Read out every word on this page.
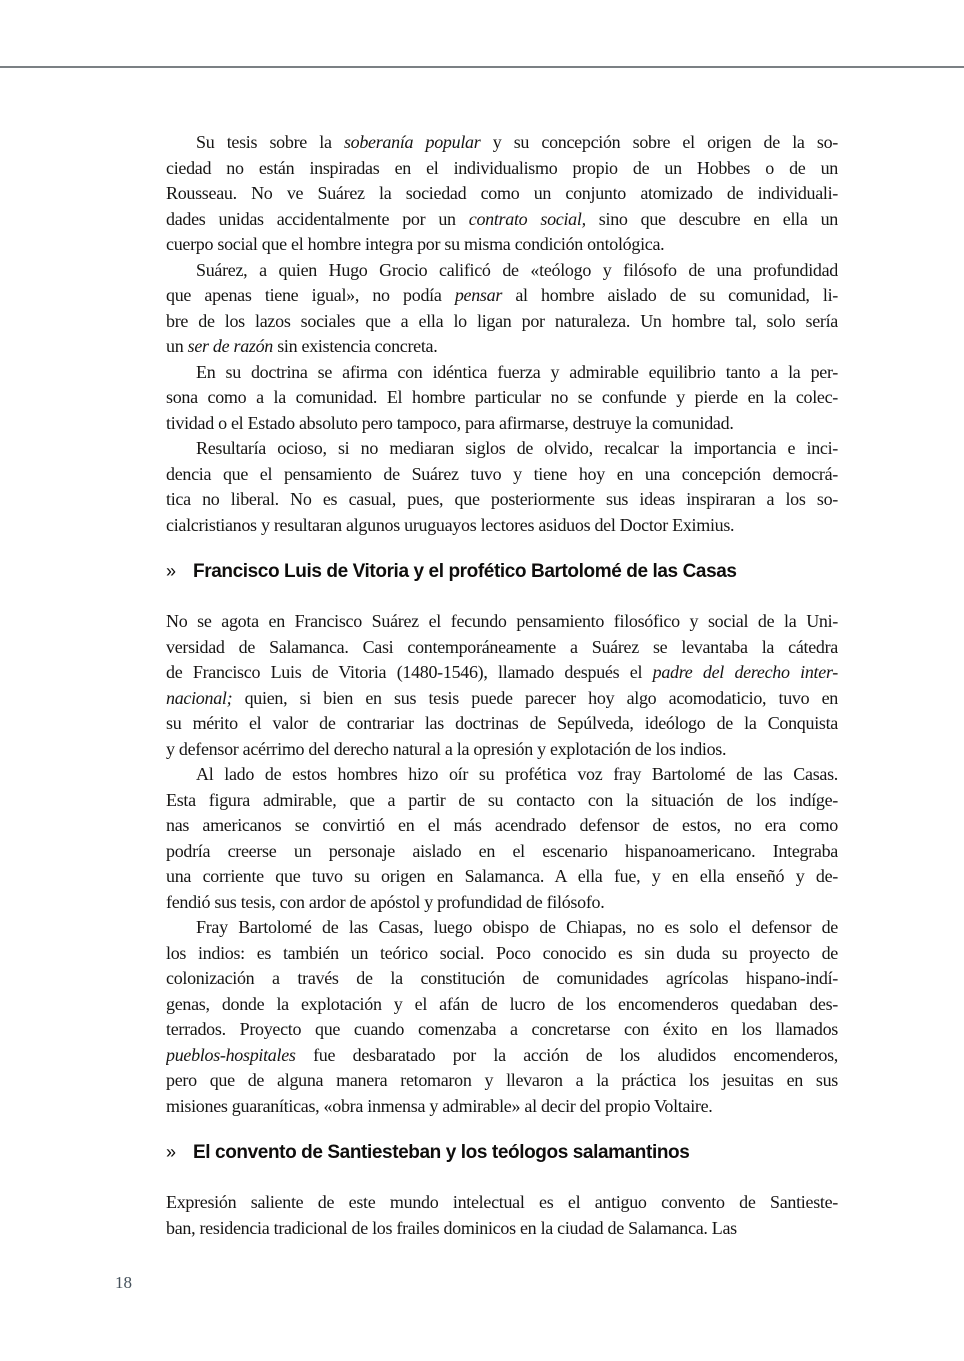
Su tesis sobre la soberanía popular y su concepción sobre el origen de la so-
ciedad no están inspiradas en el individualismo propio de un Hobbes o de un
Rousseau. No ve Suárez la sociedad como un conjunto atomizado de individuali-
dades unidas accidentalmente por un contrato social, sino que descubre en ella un
cuerpo social que el hombre integra por su misma condición ontológica.
Suárez, a quien Hugo Grocio calificó de «teólogo y filósofo de una profundidad
que apenas tiene igual», no podía pensar al hombre aislado de su comunidad, li-
bre de los lazos sociales que a ella lo ligan por naturaleza. Un hombre tal, solo sería
un ser de razón sin existencia concreta.
En su doctrina se afirma con idéntica fuerza y admirable equilibrio tanto a la per-
sona como a la comunidad. El hombre particular no se confunde y pierde en la colec-
tividad o el Estado absoluto pero tampoco, para afirmarse, destruye la comunidad.
Resultaría ocioso, si no mediaran siglos de olvido, recalcar la importancia e inci-
dencia que el pensamiento de Suárez tuvo y tiene hoy en una concepción democrá-
tica no liberal. No es casual, pues, que posteriormente sus ideas inspiraran a los so-
cialcristianos y resultaran algunos uruguayos lectores asiduos del Doctor Eximius.
» Francisco Luis de Vitoria y el profético Bartolomé de las Casas
No se agota en Francisco Suárez el fecundo pensamiento filosófico y social de la Uni-
versidad de Salamanca. Casi contemporáneamente a Suárez se levantaba la cátedra
de Francisco Luis de Vitoria (1480-1546), llamado después el padre del derecho inter-
nacional; quien, si bien en sus tesis puede parecer hoy algo acomodaticio, tuvo en
su mérito el valor de contrariar las doctrinas de Sepúlveda, ideólogo de la Conquista
y defensor acérrimo del derecho natural a la opresión y explotación de los indios.
Al lado de estos hombres hizo oír su profética voz fray Bartolomé de las Casas.
Esta figura admirable, que a partir de su contacto con la situación de los indíge-
nas americanos se convirtió en el más acendrado defensor de estos, no era como
podría creerse un personaje aislado en el escenario hispanoamericano. Integraba
una corriente que tuvo su origen en Salamanca. A ella fue, y en ella enseñó y de-
fendió sus tesis, con ardor de apóstol y profundidad de filósofo.
Fray Bartolomé de las Casas, luego obispo de Chiapas, no es solo el defensor de
los indios: es también un teórico social. Poco conocido es sin duda su proyecto de
colonización a través de la constitución de comunidades agrícolas hispano-indí-
genas, donde la explotación y el afán de lucro de los encomenderos quedaban des-
terrados. Proyecto que cuando comenzaba a concretarse con éxito en los llamados
pueblos-hospitales fue desbaratado por la acción de los aludidos encomenderos,
pero que de alguna manera retomaron y llevaron a la práctica los jesuitas en sus
misiones guaraníticas, «obra inmensa y admirable» al decir del propio Voltaire.
» El convento de Santiesteban y los teólogos salamantinos
Expresión saliente de este mundo intelectual es el antiguo convento de Santieste-
ban, residencia tradicional de los frailes dominicos en la ciudad de Salamanca. Las
18
